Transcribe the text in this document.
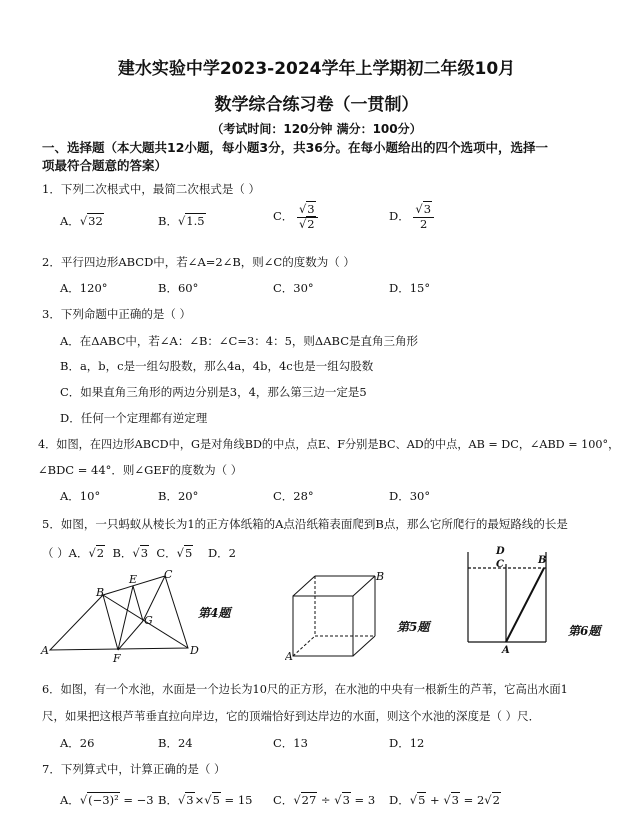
建水实验中学2023-2024学年上学期初二年级10月
数学综合练习卷（一贯制）
（考试时间：120分钟 满分：100分）
一、选择题（本大题共12小题，每小题3分，共36分。在每小题给出的四个选项中，选择一
项最符合题意的答案）
1．下列二次根式中，最简二次根式是（ ）
A．√32	B．√1.5	C． $\frac{√3}{√2}$	D． $\frac{√3}{2}$
2．平行四边形ABCD中，若∠A=2∠B，则∠C的度数为（ ）
A．120°	B．60°	C．30°	D．15°
3．下列命题中正确的是（ ）
A．在ΔABC中，若∠A：∠B：∠C=3：4：5，则ΔABC是直角三角形
B．a，b，c是一组勾股数，那么4a，4b，4c也是一组勾股数
C．如果直角三角形的两边分别是3，4，那么第三边一定是5
D．任何一个定理都有逆定理
4．如图，在四边形ABCD中，G是对角线BD的中点，点E、F分别是BC、AD的中点，AB = DC，∠ABD = 100°，
∠BDC = 44°．则∠GEF的度数为（ ）
A．10°	B．20°	C．28°	D．30°
5．如图，一只蚂蚁从棱长为1的正方体纸箱的A点沿纸箱表面爬到B点，那么它所爬行的最短路线的长是
（ ）A．√2 B．√3 C．√5 D．2
A
B
C
D
E
F
G
第4题
A
B
第5题
D
C	B
A
第6题
6．如图，有一个水池，水面是一个边长为10尺的正方形，在水池的中央有一根新生的芦苇，它高出水面1
尺，如果把这根芦苇垂直拉向岸边，它的顶端恰好到达岸边的水面，则这个水池的深度是（ ）尺．
A．26	B．24	C．13	D．12
7．下列算式中，计算正确的是（ ）
A．√(−3)² = −3 B．√3×√5 = 15 C．√27 ÷ √3 = 3 D．√5 + √3 = 2√2
